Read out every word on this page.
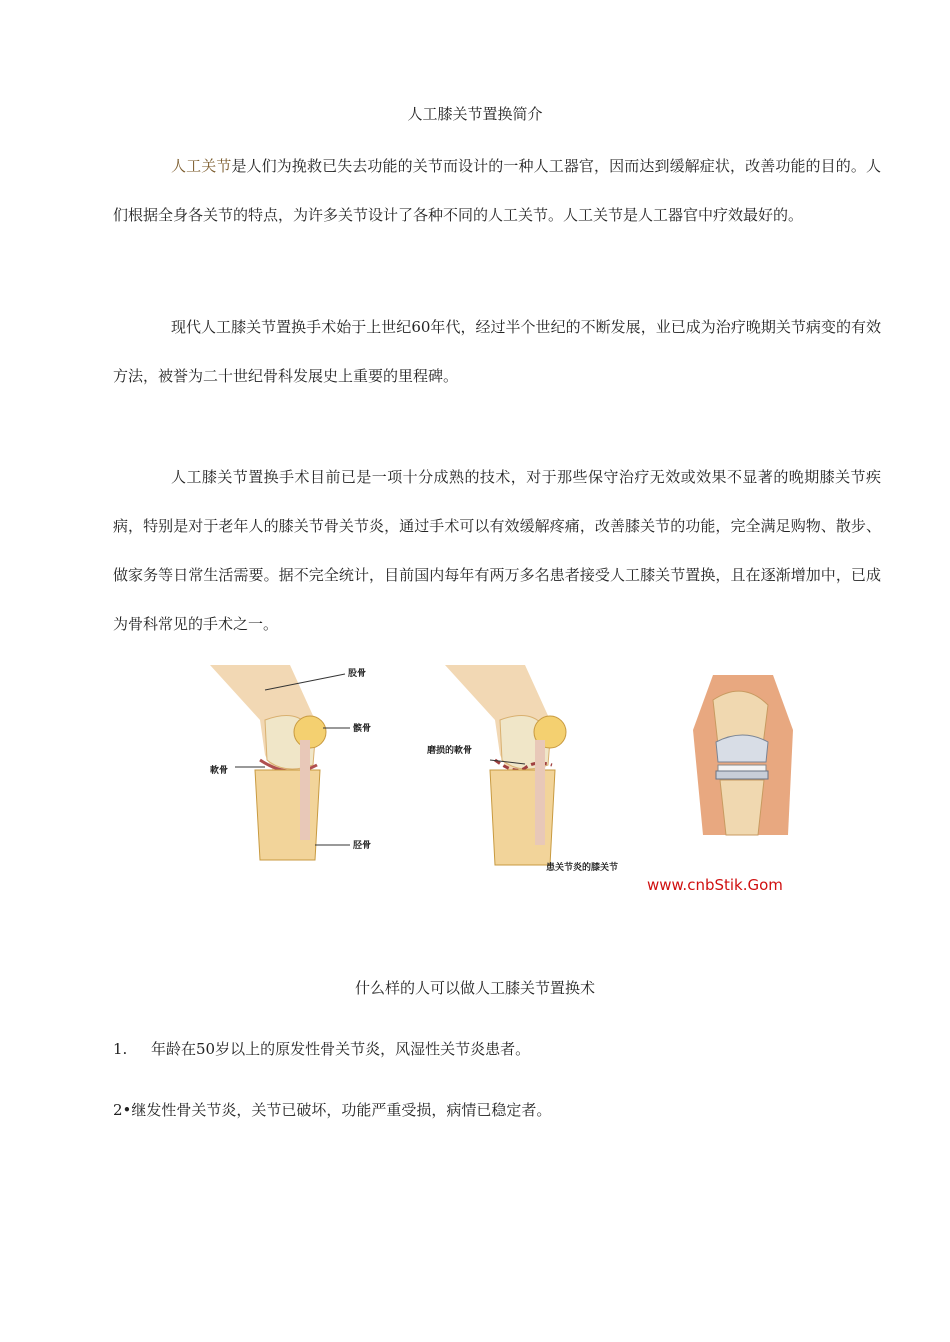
人工膝关节置换简介

人工关节是人们为挽救已失去功能的关节而设计的一种人工器官，因而达到缓解症状，改善功能的目的。人们根据全身各关节的特点，为许多关节设计了各种不同的人工关节。人工关节是人工器官中疗效最好的。

现代人工膝关节置换手术始于上世纪60年代，经过半个世纪的不断发展，业已成为治疗晚期关节病变的有效方法，被誉为二十世纪骨科发展史上重要的里程碑。

人工膝关节置换手术目前已是一项十分成熟的技术，对于那些保守治疗无效或效果不显著的晚期膝关节疾病，特别是对于老年人的膝关节骨关节炎，通过手术可以有效缓解疼痛，改善膝关节的功能，完全满足购物、散步、做家务等日常生活需要。据不完全统计，目前国内每年有两万多名患者接受人工膝关节置换，且在逐渐增加中，已成为骨科常见的手术之一。

股骨
髌骨
軟骨
胫骨
磨损的軟骨
患关节炎的膝关节
www.cnbStik.Gom
什么样的人可以做人工膝关节置换术
1. 年龄在50岁以上的原发性骨关节炎，风湿性关节炎患者。
2•继发性骨关节炎，关节已破坏，功能严重受损，病情已稳定者。
